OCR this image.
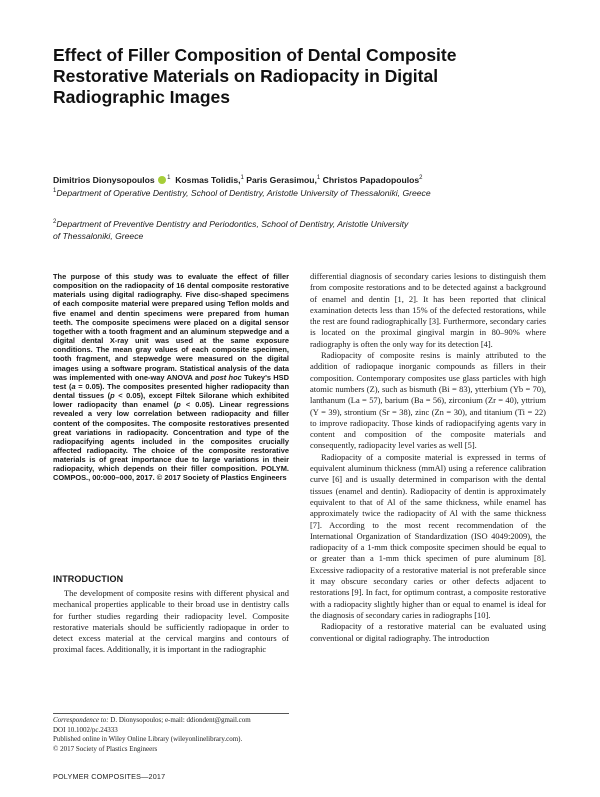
Effect of Filler Composition of Dental Composite Restorative Materials on Radiopacity in Digital Radiographic Images
Dimitrios Dionysopoulos $^1$ Kosmas Tolidis,$^1$ Paris Gerasimou,$^1$ Christos Papadopoulos$^2$
$^1$Department of Operative Dentistry, School of Dentistry, Aristotle University of Thessaloniki, Greece
$^2$Department of Preventive Dentistry and Periodontics, School of Dentistry, Aristotle University
of Thessaloniki, Greece

The purpose of this study was to evaluate the effect of filler composition on the radiopacity of 16 dental composite restorative materials using digital radiography. Five disc-shaped specimens of each composite material were prepared using Teflon molds and five enamel and dentin specimens were prepared from human teeth. The composite specimens were placed on a digital sensor together with a tooth fragment and an aluminum stepwedge and a digital dental X-ray unit was used at the same exposure conditions. The mean gray values of each composite specimen, tooth fragment, and stepwedge were measured on the digital images using a software program. Statistical analysis of the data was implemented with one-way ANOVA and post hoc Tukey's HSD test (a = 0.05). The composites presented higher radiopacity than dental tissues (p < 0.05), except Filtek Silorane which exhibited lower radiopacity than enamel (p < 0.05). Linear regressions revealed a very low correlation between radiopacity and filler content of the composites. The composite restoratives presented great variations in radiopacity. Concentration and type of the radiopacifying agents included in the composites crucially affected radiopacity. The choice of the composite restorative materials is of great importance due to large variations in their radiopacity, which depends on their filler composition. POLYM. COMPOS., 00:000–000, 2017. © 2017 Society of Plastics Engineers

INTRODUCTION

The development of composite resins with different physical and mechanical properties applicable to their broad use in dentistry calls for further studies regarding their radiopacity level. Composite restorative materials should be sufficiently radiopaque in order to detect excess material at the cervical margins and contours of proximal faces. Additionally, it is important in the radiographic

Correspondence to: D. Dionysopoulos; e-mail: ddiondent@gmail.com
DOI 10.1002/pc.24333
Published online in Wiley Online Library (wileyonlinelibrary.com).
© 2017 Society of Plastics Engineers

differential diagnosis of secondary caries lesions to distinguish them from composite restorations and to be detected against a background of enamel and dentin [1, 2]. It has been reported that clinical examination detects less than 15% of the defected restorations, while the rest are found radiographically [3]. Furthermore, secondary caries is located on the proximal gingival margin in 80–90% where radiography is often the only way for its detection [4].

Radiopacity of composite resins is mainly attributed to the addition of radiopaque inorganic compounds as fillers in their composition. Contemporary composites use glass particles with high atomic numbers (Z), such as bismuth (Bi = 83), ytterbium (Yb = 70), lanthanum (La = 57), barium (Ba = 56), zirconium (Zr = 40), yttrium (Y = 39), strontium (Sr = 38), zinc (Zn = 30), and titanium (Ti = 22) to improve radiopacity. Those kinds of radiopacifying agents vary in content and composition of the composite materials and consequently, radiopacity level varies as well [5].

Radiopacity of a composite material is expressed in terms of equivalent aluminum thickness (mmAl) using a reference calibration curve [6] and is usually determined in comparison with the dental tissues (enamel and dentin). Radiopacity of dentin is approximately equivalent to that of Al of the same thickness, while enamel has approximately twice the radiopacity of Al with the same thickness [7]. According to the most recent recommendation of the International Organization of Standardization (ISO 4049:2009), the radiopacity of a 1-mm thick composite specimen should be equal to or greater than a 1-mm thick specimen of pure aluminum [8]. Excessive radiopacity of a restorative material is not preferable since it may obscure secondary caries or other defects adjacent to restorations [9]. In fact, for optimum contrast, a composite restorative with a radiopacity slightly higher than or equal to enamel is ideal for the diagnosis of secondary caries in radiographs [10].

Radiopacity of a restorative material can be evaluated using conventional or digital radiography. The introduction

POLYMER COMPOSITES—2017
